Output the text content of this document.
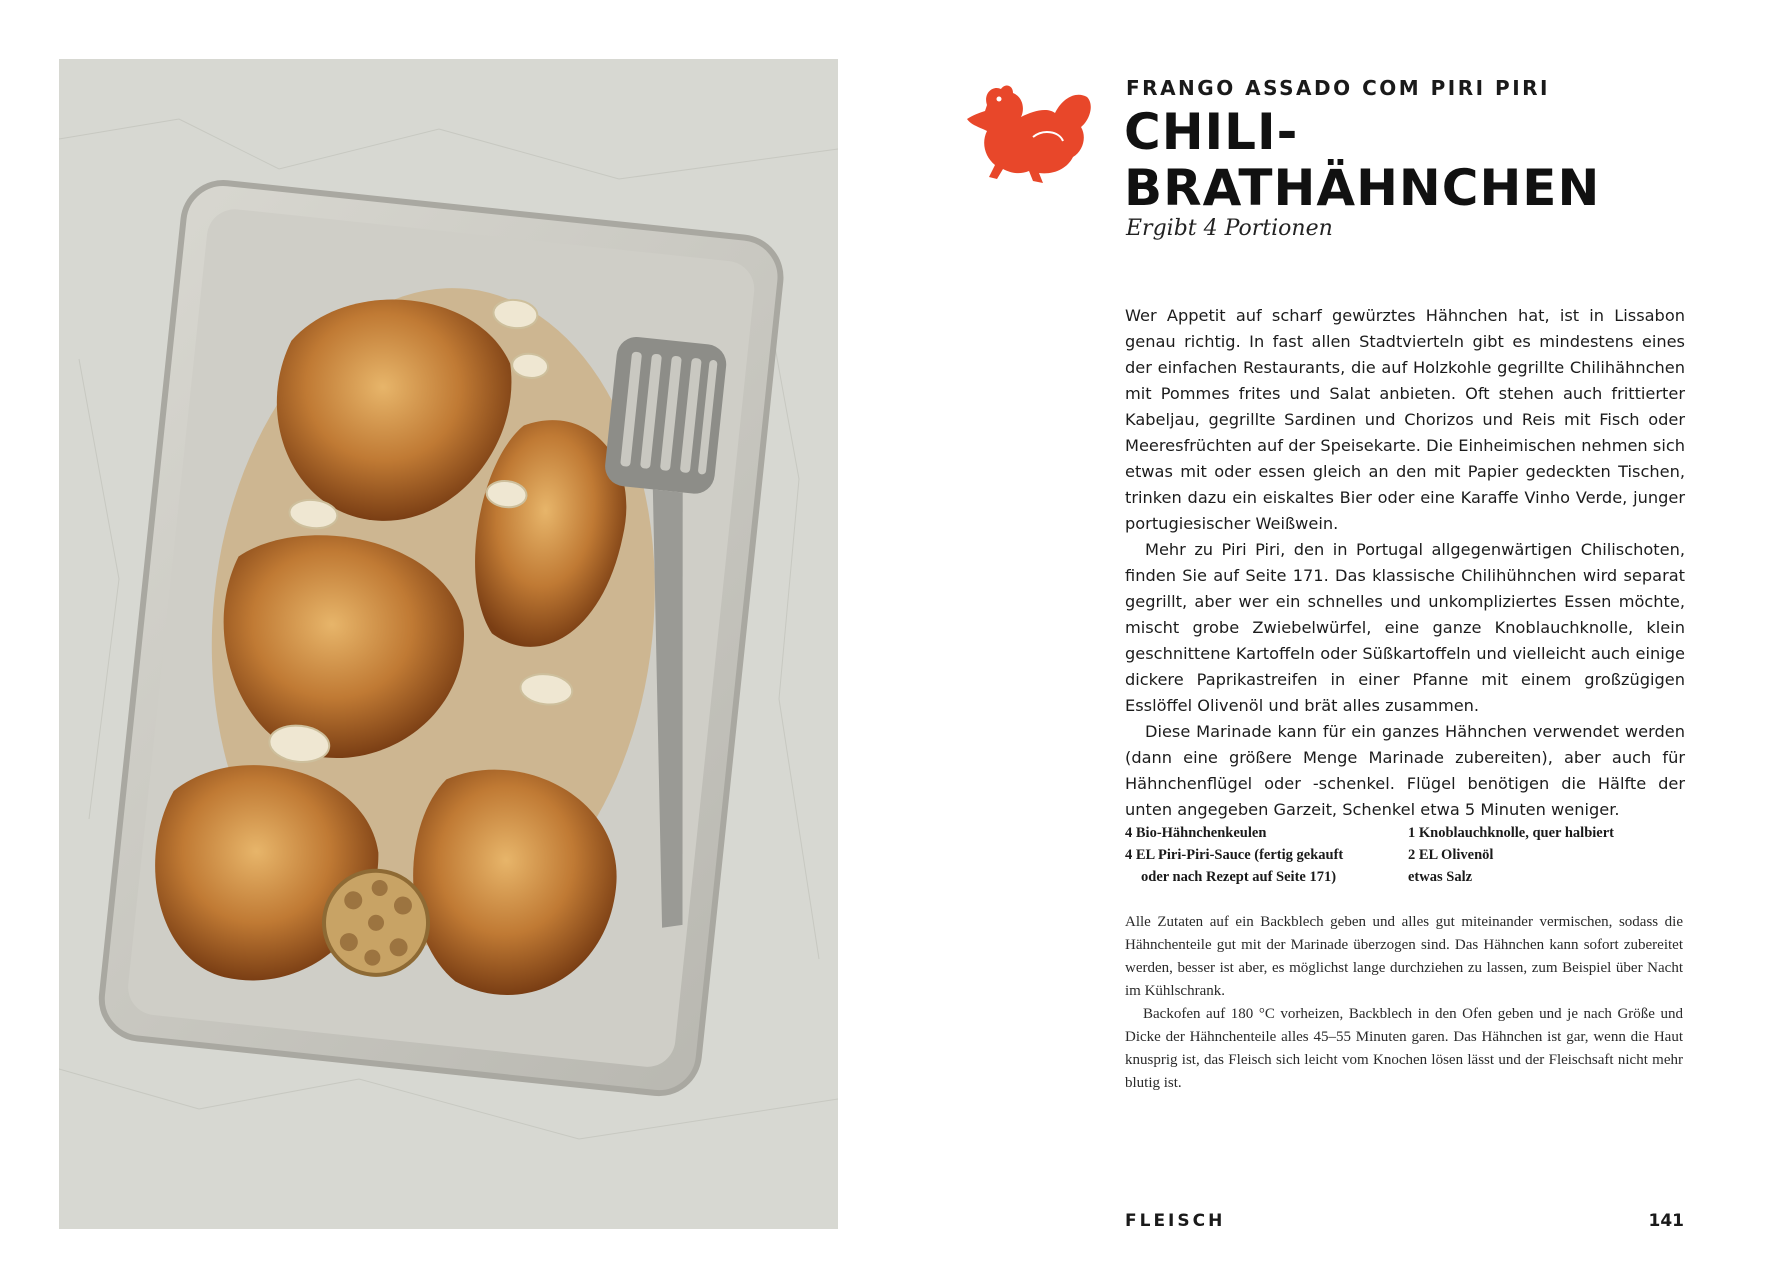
FRANGO ASSADO COM PIRI PIRI
CHILI-
BRATHÄHNCHEN
Ergibt 4 Portionen

Wer Appetit auf scharf gewürztes Hähnchen hat, ist in Lissabon genau richtig. In fast allen Stadtvierteln gibt es mindestens eines der einfachen Restaurants, die auf Holzkohle gegrillte Chilihähnchen mit Pommes frites und Salat anbieten. Oft stehen auch frittierter Kabeljau, gegrillte Sardinen und Chorizos und Reis mit Fisch oder Meeresfrüchten auf der Speisekarte. Die Einheimischen nehmen sich etwas mit oder essen gleich an den mit Papier gedeckten Tischen, trinken dazu ein eiskaltes Bier oder eine Karaffe Vinho Verde, junger portugiesischer Weißwein.

Mehr zu Piri Piri, den in Portugal allgegenwärtigen Chilischoten, finden Sie auf Seite 171. Das klassische Chilihühnchen wird separat gegrillt, aber wer ein schnelles und unkompliziertes Essen möchte, mischt grobe Zwiebelwürfel, eine ganze Knoblauchknolle, klein geschnittene Kartoffeln oder Süßkartoffeln und vielleicht auch einige dickere Paprikastreifen in einer Pfanne mit einem großzügigen Esslöffel Olivenöl und brät alles zusammen.

Diese Marinade kann für ein ganzes Hähnchen verwendet werden (dann eine größere Menge Marinade zubereiten), aber auch für Hähnchenflügel oder -schenkel. Flügel benötigen die Hälfte der unten angegeben Garzeit, Schenkel etwa 5 Minuten weniger.

4 Bio-Hähnchenkeulen
4 EL Piri-Piri-Sauce (fertig gekauft
oder nach Rezept auf Seite 171)
1 Knoblauchknolle, quer halbiert
2 EL Olivenöl
etwas Salz

Alle Zutaten auf ein Backblech geben und alles gut miteinander vermischen, sodass die Hähnchenteile gut mit der Marinade überzogen sind. Das Hähnchen kann sofort zubereitet werden, besser ist aber, es möglichst lange durchziehen zu lassen, zum Beispiel über Nacht im Kühlschrank.

Backofen auf 180 °C vorheizen, Backblech in den Ofen geben und je nach Größe und Dicke der Hähnchenteile alles 45–55 Minuten garen. Das Hähnchen ist gar, wenn die Haut knusprig ist, das Fleisch sich leicht vom Knochen lösen lässt und der Fleischsaft nicht mehr blutig ist.

FLEISCH	141
